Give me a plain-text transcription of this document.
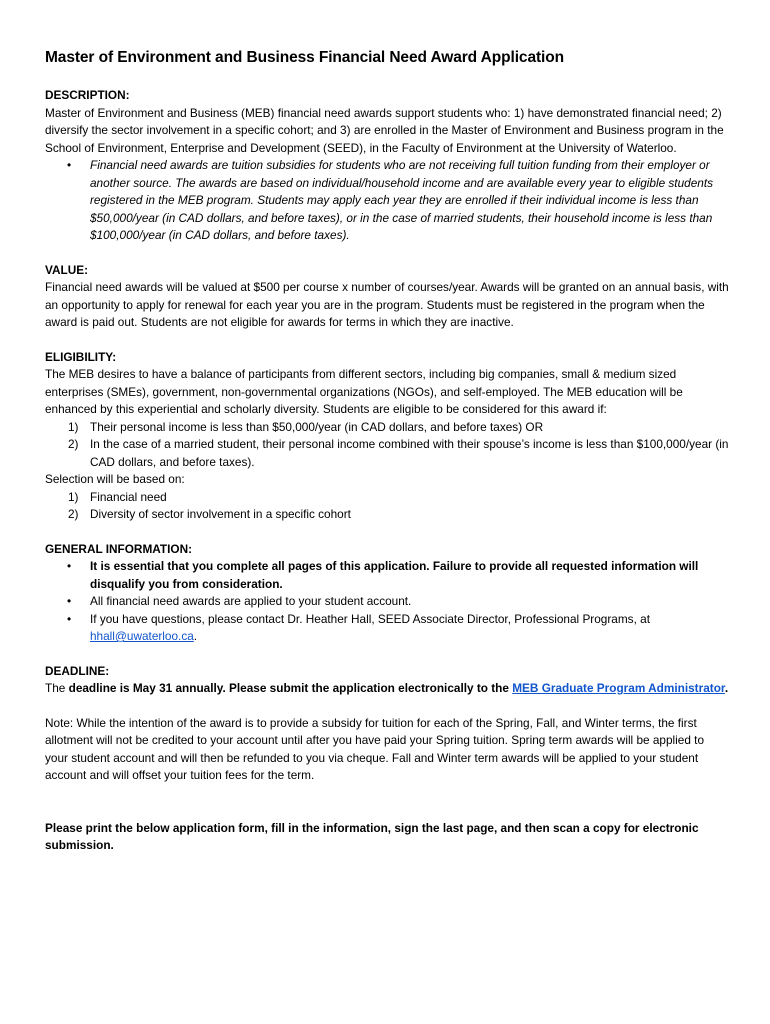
Master of Environment and Business Financial Need Award Application

DESCRIPTION:

Master of Environment and Business (MEB) financial need awards support students who: 1) have demonstrated financial need; 2) diversify the sector involvement in a specific cohort; and 3) are enrolled in the Master of Environment and Business program in the School of Environment, Enterprise and Development (SEED), in the Faculty of Environment at the University of Waterloo.

• Financial need awards are tuition subsidies for students who are not receiving full tuition funding from their employer or another source. The awards are based on individual/household income and are available every year to eligible students registered in the MEB program. Students may apply each year they are enrolled if their individual income is less than $50,000/year (in CAD dollars, and before taxes), or in the case of married students, their household income is less than $100,000/year (in CAD dollars, and before taxes).

VALUE:

Financial need awards will be valued at $500 per course x number of courses/year. Awards will be granted on an annual basis, with an opportunity to apply for renewal for each year you are in the program. Students must be registered in the program when the award is paid out. Students are not eligible for awards for terms in which they are inactive.

ELIGIBILITY:

The MEB desires to have a balance of participants from different sectors, including big companies, small & medium sized enterprises (SMEs), government, non-governmental organizations (NGOs), and self-employed. The MEB education will be enhanced by this experiential and scholarly diversity. Students are eligible to be considered for this award if:

1) Their personal income is less than $50,000/year (in CAD dollars, and before taxes) OR
2) In the case of a married student, their personal income combined with their spouse’s income is less than $100,000/year (in CAD dollars, and before taxes).

Selection will be based on:

1) Financial need
2) Diversity of sector involvement in a specific cohort

GENERAL INFORMATION:

• It is essential that you complete all pages of this application. Failure to provide all requested information will disqualify you from consideration.
• All financial need awards are applied to your student account.
• If you have questions, please contact Dr. Heather Hall, SEED Associate Director, Professional Programs, at hhall@uwaterloo.ca.

DEADLINE:

The deadline is May 31 annually. Please submit the application electronically to the MEB Graduate Program Administrator.

Note: While the intention of the award is to provide a subsidy for tuition for each of the Spring, Fall, and Winter terms, the first allotment will not be credited to your account until after you have paid your Spring tuition. Spring term awards will be applied to your student account and will then be refunded to you via cheque. Fall and Winter term awards will be applied to your student account and will offset your tuition fees for the term.

Please print the below application form, fill in the information, sign the last page, and then scan a copy for electronic submission.
